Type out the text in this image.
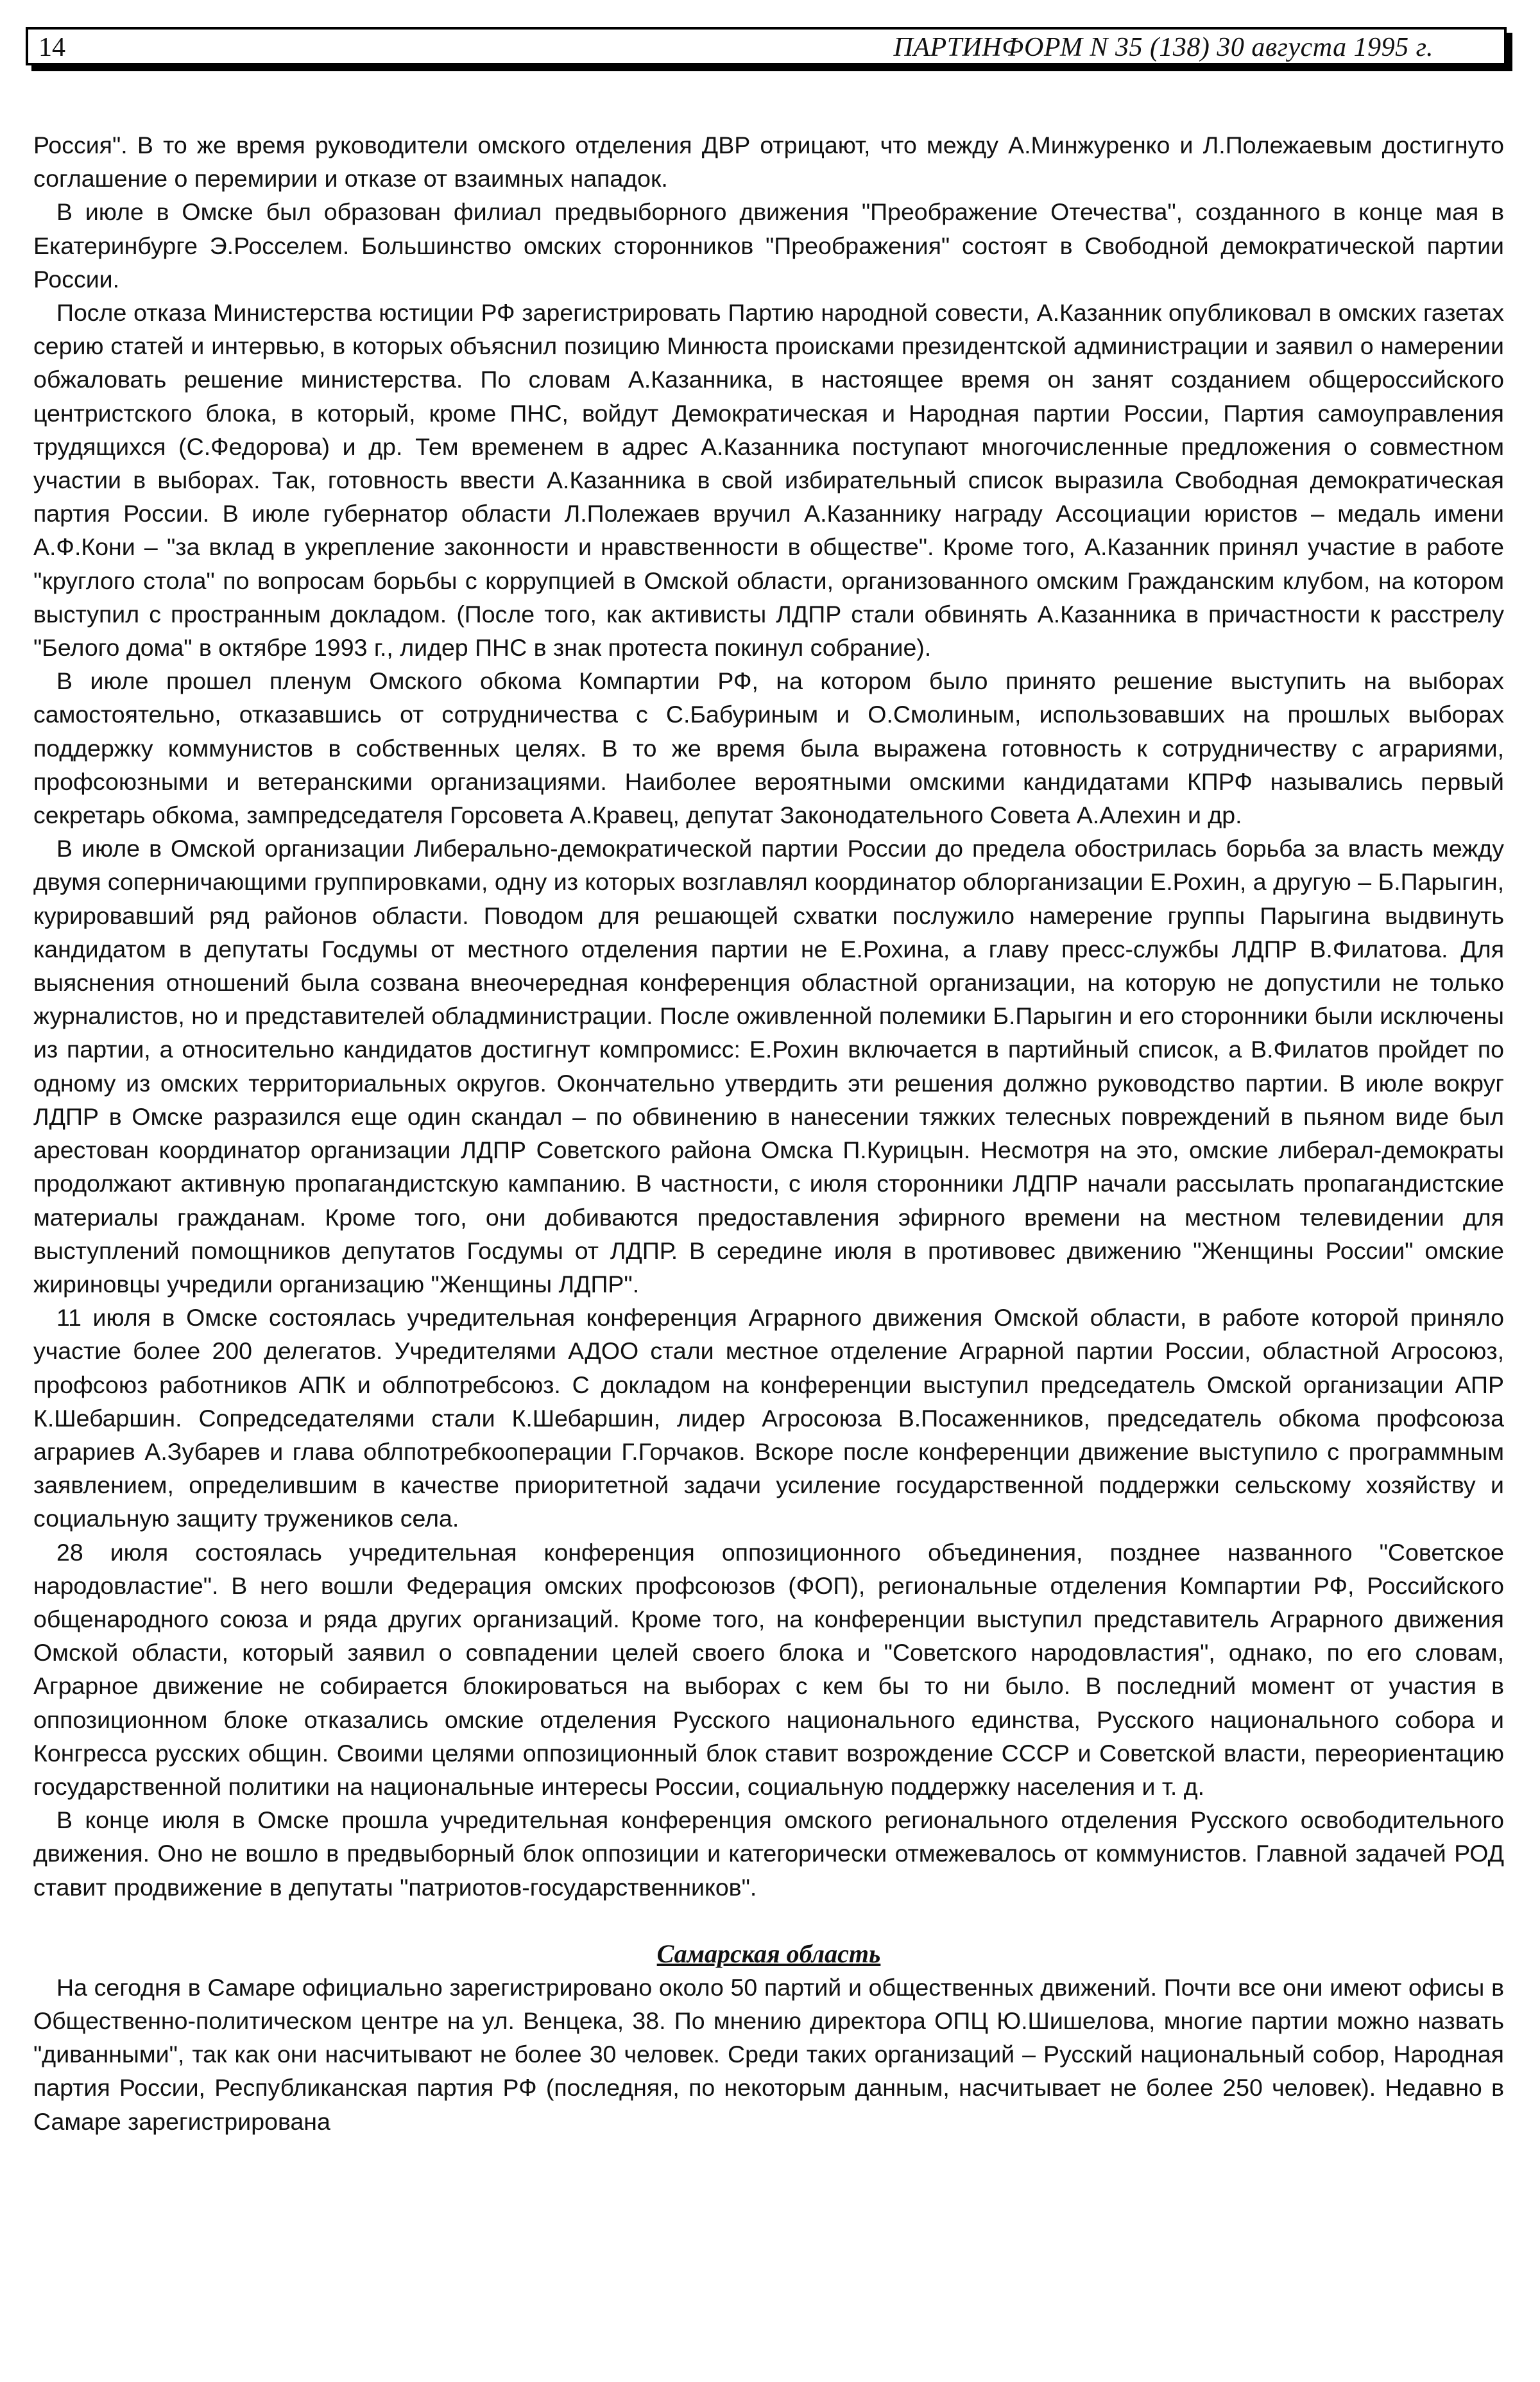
14	ПАРТИНФОРМ N 35 (138) 30 августа 1995 г.

Россия". В то же время руководители омского отделения ДВР отрицают, что между А.Минжуренко и Л.Полежаевым достигнуто соглашение о перемирии и отказе от взаимных нападок.

В июле в Омске был образован филиал предвыборного движения "Преображение Отечества", созданного в конце мая в Екатеринбурге Э.Росселем. Большинство омских сторонников "Преображения" состоят в Свободной демократической партии России.

После отказа Министерства юстиции РФ зарегистрировать Партию народной совести, А.Казанник опубликовал в омских газетах серию статей и интервью, в которых объяснил позицию Минюста происками президентской администрации и заявил о намерении обжаловать решение министерства. По словам А.Казанника, в настоящее время он занят созданием общероссийского центристского блока, в который, кроме ПНС, войдут Демократическая и Народная партии России, Партия самоуправления трудящихся (С.Федорова) и др. Тем временем в адрес А.Казанника поступают многочисленные предложения о совместном участии в выборах. Так, готовность ввести А.Казанника в свой избирательный список выразила Свободная демократическая партия России. В июле губернатор области Л.Полежаев вручил А.Казаннику награду Ассоциации юристов – медаль имени А.Ф.Кони – "за вклад в укрепление законности и нравственности в обществе". Кроме того, А.Казанник принял участие в работе "круглого стола" по вопросам борьбы с коррупцией в Омской области, организованного омским Гражданским клубом, на котором выступил с пространным докладом. (После того, как активисты ЛДПР стали обвинять А.Казанника в причастности к расстрелу "Белого дома" в октябре 1993 г., лидер ПНС в знак протеста покинул собрание).

В июле прошел пленум Омского обкома Компартии РФ, на котором было принято решение выступить на выборах самостоятельно, отказавшись от сотрудничества с С.Бабуриным и О.Смолиным, использовавших на прошлых выборах поддержку коммунистов в собственных целях. В то же время была выражена готовность к сотрудничеству с аграриями, профсоюзными и ветеранскими организациями. Наиболее вероятными омскими кандидатами КПРФ назывались первый секретарь обкома, зампредседателя Горсовета А.Кравец, депутат Законодательного Совета А.Алехин и др.

В июле в Омской организации Либерально-демократической партии России до предела обострилась борьба за власть между двумя соперничающими группировками, одну из которых возглавлял координатор облорганизации Е.Рохин, а другую – Б.Парыгин, курировавший ряд районов области. Поводом для решающей схватки послужило намерение группы Парыгина выдвинуть кандидатом в депутаты Госдумы от местного отделения партии не Е.Рохина, а главу пресс-службы ЛДПР В.Филатова. Для выяснения отношений была созвана внеочередная конференция областной организации, на которую не допустили не только журналистов, но и представителей обладминистрации. После оживленной полемики Б.Парыгин и его сторонники были исключены из партии, а относительно кандидатов достигнут компромисс: Е.Рохин включается в партийный список, а В.Филатов пройдет по одному из омских территориальных округов. Окончательно утвердить эти решения должно руководство партии. В июле вокруг ЛДПР в Омске разразился еще один скандал – по обвинению в нанесении тяжких телесных повреждений в пьяном виде был арестован координатор организации ЛДПР Советского района Омска П.Курицын. Несмотря на это, омские либерал-демократы продолжают активную пропагандистскую кампанию. В частности, с июля сторонники ЛДПР начали рассылать пропагандистские материалы гражданам. Кроме того, они добиваются предоставления эфирного времени на местном телевидении для выступлений помощников депутатов Госдумы от ЛДПР. В середине июля в противовес движению "Женщины России" омские жириновцы учредили организацию "Женщины ЛДПР".

11 июля в Омске состоялась учредительная конференция Аграрного движения Омской области, в работе которой приняло участие более 200 делегатов. Учредителями АДОО стали местное отделение Аграрной партии России, областной Агросоюз, профсоюз работников АПК и облпотребсоюз. С докладом на конференции выступил председатель Омской организации АПР К.Шебаршин. Сопредседателями стали К.Шебаршин, лидер Агросоюза В.Посаженников, председатель обкома профсоюза аграриев А.Зубарев и глава облпотребкооперации Г.Горчаков. Вскоре после конференции движение выступило с программным заявлением, определившим в качестве приоритетной задачи усиление государственной поддержки сельскому хозяйству и социальную защиту тружеников села.

28 июля состоялась учредительная конференция оппозиционного объединения, позднее названного "Советское народовластие". В него вошли Федерация омских профсоюзов (ФОП), региональные отделения Компартии РФ, Российского общенародного союза и ряда других организаций. Кроме того, на конференции выступил представитель Аграрного движения Омской области, который заявил о совпадении целей своего блока и "Советского народовластия", однако, по его словам, Аграрное движение не собирается блокироваться на выборах с кем бы то ни было. В последний момент от участия в оппозиционном блоке отказались омские отделения Русского национального единства, Русского национального собора и Конгресса русских общин. Своими целями оппозиционный блок ставит возрождение СССР и Советской власти, переориентацию государственной политики на национальные интересы России, социальную поддержку населения и т. д.

В конце июля в Омске прошла учредительная конференция омского регионального отделения Русского освободительного движения. Оно не вошло в предвыборный блок оппозиции и категорически отмежевалось от коммунистов. Главной задачей РОД ставит продвижение в депутаты "патриотов-государственников".

Самарская область

На сегодня в Самаре официально зарегистрировано около 50 партий и общественных движений. Почти все они имеют офисы в Общественно-политическом центре на ул. Венцека, 38. По мнению директора ОПЦ Ю.Шишелова, многие партии можно назвать "диванными", так как они насчитывают не более 30 человек. Среди таких организаций – Русский национальный собор, Народная партия России, Республиканская партия РФ (последняя, по некоторым данным, насчитывает не более 250 человек). Недавно в Самаре зарегистрирована
